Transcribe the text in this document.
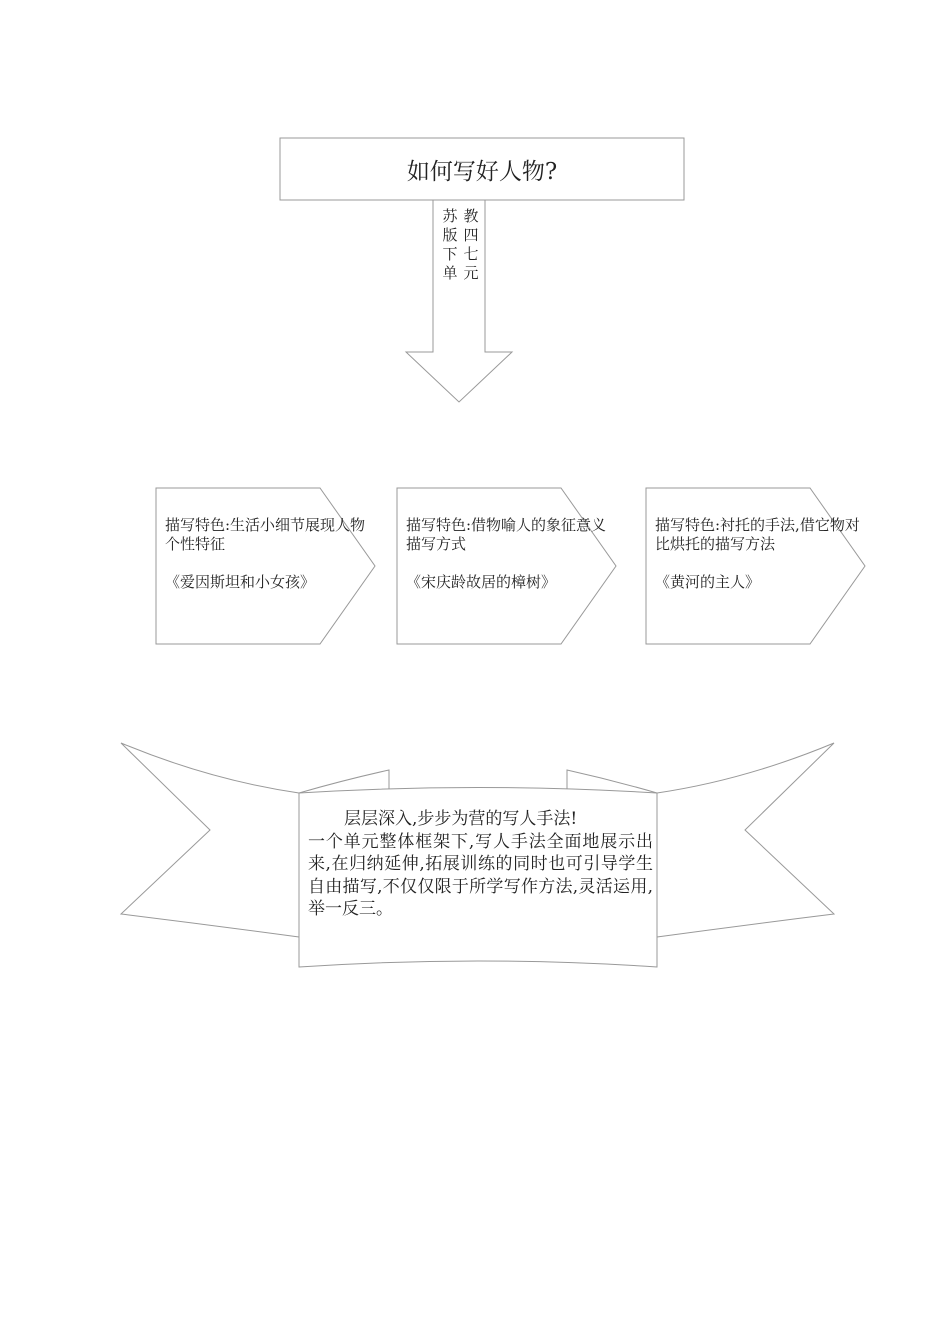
如何写好人物?
苏版下单
教四七元
描写特色:生活小细节展现人物个性特征
《爱因斯坦和小女孩》
描写特色:借物喻人的象征意义描写方式
《宋庆龄故居的樟树》
描写特色:衬托的手法,借它物对比烘托的描写方法
《黄河的主人》
层层深入,步步为营的写人手法!
一个单元整体框架下,写人手法全面地展示出来,在归纳延伸,拓展训练的同时也可引导学生自由描写,不仅仅限于所学写作方法,灵活运用,举一反三。
